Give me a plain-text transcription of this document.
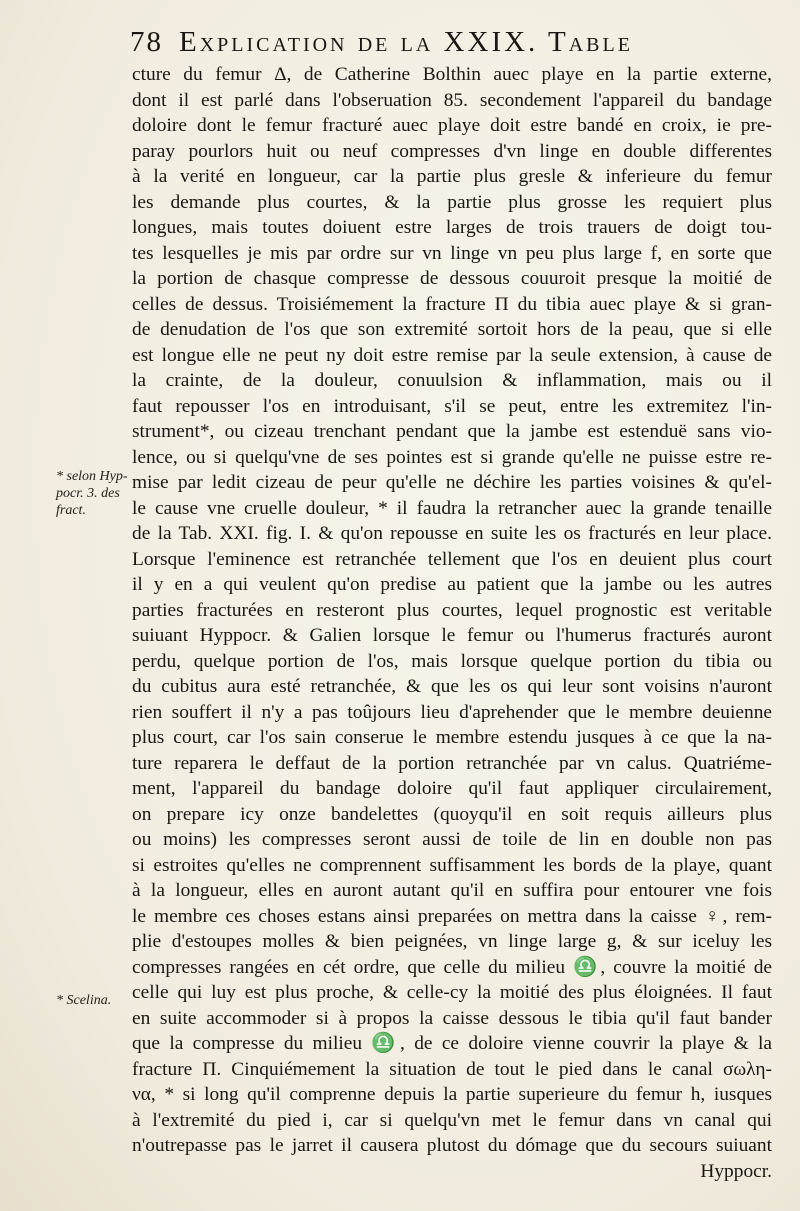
78 Explication de la XXIX. Table
* selon Hyp-pocr. 3. des fract.
* Scelina.
cture du femur Δ, de Catherine Bolthin auec playe en la partie externe,
dont il est parlé dans l'obseruation 85. secondement l'appareil du bandage
doloire dont le femur fracturé auec playe doit estre bandé en croix, ie pre-
paray pourlors huit ou neuf compresses d'vn linge en double differentes
à la verité en longueur, car la partie plus gresle & inferieure du femur
les demande plus courtes, & la partie plus grosse les requiert plus
longues, mais toutes doiuent estre larges de trois trauers de doigt tou-
tes lesquelles je mis par ordre sur vn linge vn peu plus large f, en sorte que
la portion de chasque compresse de dessous couuroit presque la moitié de
celles de dessus. Troisiémement la fracture Π du tibia auec playe & si gran-
de denudation de l'os que son extremité sortoit hors de la peau, que si elle
est longue elle ne peut ny doit estre remise par la seule extension, à cause de
la crainte, de la douleur, conuulsion & inflammation, mais ou il
faut repousser l'os en introduisant, s'il se peut, entre les extremitez l'in-
strument*, ou cizeau trenchant pendant que la jambe est estenduë sans vio-
lence, ou si quelqu'vne de ses pointes est si grande qu'elle ne puisse estre re-
mise par ledit cizeau de peur qu'elle ne déchire les parties voisines & qu'el-
le cause vne cruelle douleur, * il faudra la retrancher auec la grande tenaille
de la Tab. XXI. fig. I. & qu'on repousse en suite les os fracturés en leur place.
Lorsque l'eminence est retranchée tellement que l'os en deuient plus court
il y en a qui veulent qu'on predise au patient que la jambe ou les autres
parties fracturées en resteront plus courtes, lequel prognostic est veritable
suiuant Hyppocr. & Galien lorsque le femur ou l'humerus fracturés auront
perdu, quelque portion de l'os, mais lorsque quelque portion du tibia ou
du cubitus aura esté retranchée, & que les os qui leur sont voisins n'auront
rien souffert il n'y a pas toûjours lieu d'aprehender que le membre deuienne
plus court, car l'os sain conserue le membre estendu jusques à ce que la na-
ture reparera le deffaut de la portion retranchée par vn calus. Quatriéme-
ment, l'appareil du bandage doloire qu'il faut appliquer circulairement,
on prepare icy onze bandelettes (quoyqu'il en soit requis ailleurs plus
ou moins) les compresses seront aussi de toile de lin en double non pas
si estroites qu'elles ne comprennent suffisamment les bords de la playe, quant
à la longueur, elles en auront autant qu'il en suffira pour entourer vne fois
le membre ces choses estans ainsi preparées on mettra dans la caisse ♀, rem-
plie d'estoupes molles & bien peignées, vn linge large g, & sur iceluy les
compresses rangées en cét ordre, que celle du milieu ♎, couvre la moitié de
celle qui luy est plus proche, & celle-cy la moitié des plus éloignées. Il faut
en suite accommoder si à propos la caisse dessous le tibia qu'il faut bander
que la compresse du milieu ♎, de ce doloire vienne couvrir la playe & la
fracture Π. Cinquiémement la situation de tout le pied dans le canal σωλη-
να, * si long qu'il comprenne depuis la partie superieure du femur h, iusques
à l'extremité du pied i, car si quelqu'vn met le femur dans vn canal qui
n'outrepasse pas le jarret il causera plutost du dómage que du secours suiuant
Hyppocr.
